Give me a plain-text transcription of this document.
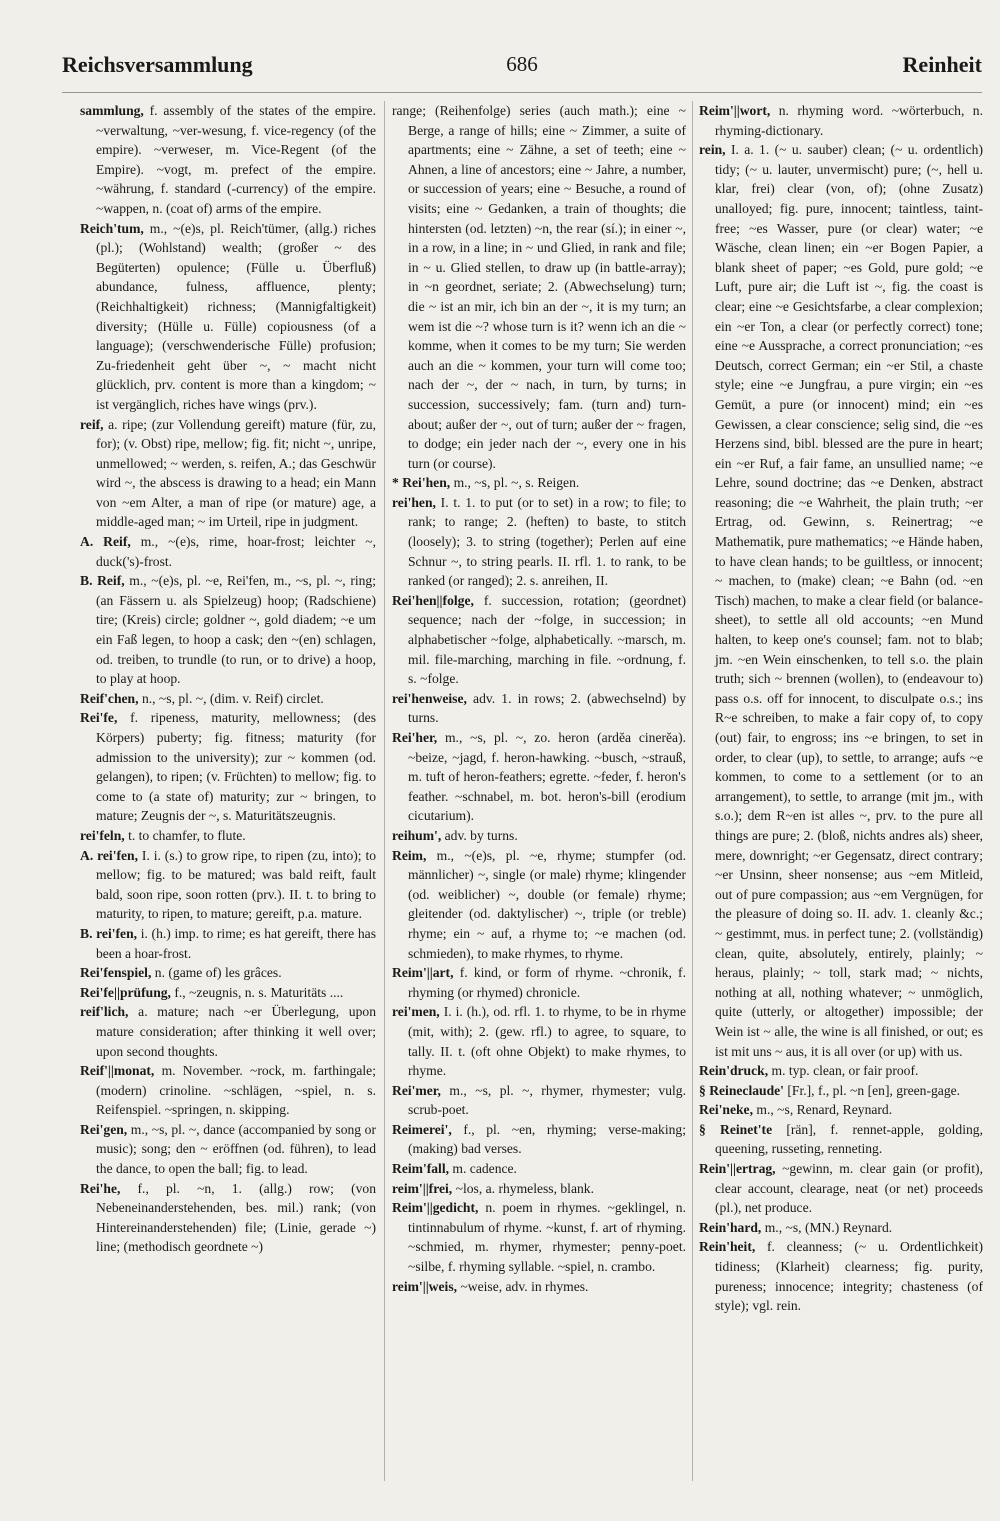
686
Reichsversammlung	Reinheit

sammlung, f. assembly of the states of the empire. ~verwaltung, ~ver-wesung, f. vice-regency (of the empire). ~verweser, m. Vice-Regent (of the Empire). ~vogt, m. prefect of the empire. ~währung, f. standard (-currency) of the empire. ~wappen, n. (coat of) arms of the empire.

Reich'tum, m., ~(e)s, pl. Reich'tümer, (allg.) riches (pl.); (Wohlstand) wealth; (großer ~ des Begüterten) opulence; (Fülle u. Überfluß) abundance, fulness, affluence, plenty; (Reichhaltigkeit) richness; (Mannigfaltigkeit) diversity; (Hülle u. Fülle) copiousness (of a language); (verschwenderische Fülle) profusion; Zu-friedenheit geht über ~, ~ macht nicht glücklich, prv. content is more than a kingdom; ~ ist vergänglich, riches have wings (prv.).

reif, a. ripe; (zur Vollendung gereift) mature (für, zu, for); (v. Obst) ripe, mellow; fig. fit; nicht ~, unripe, unmellowed; ~ werden, s. reifen, A.; das Geschwür wird ~, the abscess is drawing to a head; ein Mann von ~em Alter, a man of ripe (or mature) age, a middle-aged man; ~ im Urteil, ripe in judgment.

A. Reif, m., ~(e)s, rime, hoar-frost; leichter ~, duck('s)-frost.

B. Reif, m., ~(e)s, pl. ~e, Rei'fen, m., ~s, pl. ~, ring; (an Fässern u. als Spielzeug) hoop; (Radschiene) tire; (Kreis) circle; goldner ~, gold diadem; ~e um ein Faß legen, to hoop a cask; den ~(en) schlagen, od. treiben, to trundle (to run, or to drive) a hoop, to play at hoop.

Reif'chen, n., ~s, pl. ~, (dim. v. Reif) circlet.

Rei'fe, f. ripeness, maturity, mellowness; (des Körpers) puberty; fig. fitness; maturity (for admission to the university); zur ~ kommen (od. gelangen), to ripen; (v. Früchten) to mellow; fig. to come to (a state of) maturity; zur ~ bringen, to mature; Zeugnis der ~, s. Maturitätszeugnis.

rei'feln, t. to chamfer, to flute.

A. rei'fen, I. i. (s.) to grow ripe, to ripen (zu, into); to mellow; fig. to be matured; was bald reift, fault bald, soon ripe, soon rotten (prv.). II. t. to bring to maturity, to ripen, to mature; gereift, p.a. mature.

B. rei'fen, i. (h.) imp. to rime; es hat gereift, there has been a hoar-frost.

Rei'fenspiel, n. (game of) les grâces.

Rei'fe||prüfung, f., ~zeugnis, n. s. Maturitäts ....

reif'lich, a. mature; nach ~er Überlegung, upon mature consideration; after thinking it well over; upon second thoughts.

Reif'||monat, m. November. ~rock, m. farthingale; (modern) crinoline. ~schlägen, ~spiel, n. s. Reifenspiel. ~springen, n. skipping.

Rei'gen, m., ~s, pl. ~, dance (accompanied by song or music); song; den ~ eröffnen (od. führen), to lead the dance, to open the ball; fig. to lead.

Rei'he, f., pl. ~n, 1. (allg.) row; (von Nebeneinanderstehenden, bes. mil.) rank; (von Hintereinanderstehenden) file; (Linie, gerade ~) line; (methodisch geordnete ~)

range; (Reihenfolge) series (auch math.); eine ~ Berge, a range of hills; eine ~ Zimmer, a suite of apartments; eine ~ Zähne, a set of teeth; eine ~ Ahnen, a line of ancestors; eine ~ Jahre, a number, or succession of years; eine ~ Besuche, a round of visits; eine ~ Gedanken, a train of thoughts; die hintersten (od. letzten) ~n, the rear (sí.); in einer ~, in a row, in a line; in ~ und Glied, in rank and file; in ~ u. Glied stellen, to draw up (in battle-array); in ~n geordnet, seriate; 2. (Abwechselung) turn; die ~ ist an mir, ich bin an der ~, it is my turn; an wem ist die ~? whose turn is it? wenn ich an die ~ komme, when it comes to be my turn; Sie werden auch an die ~ kommen, your turn will come too; nach der ~, der ~ nach, in turn, by turns; in succession, successively; fam. (turn and) turn-about; außer der ~, out of turn; außer der ~ fragen, to dodge; ein jeder nach der ~, every one in his turn (or course).

* Rei'hen, m., ~s, pl. ~, s. Reigen.

rei'hen, I. t. 1. to put (or to set) in a row; to file; to rank; to range; 2. (heften) to baste, to stitch (loosely); 3. to string (together); Perlen auf eine Schnur ~, to string pearls. II. rfl. 1. to rank, to be ranked (or ranged); 2. s. anreihen, II.

Rei'hen||folge, f. succession, rotation; (geordnet) sequence; nach der ~folge, in succession; in alphabetischer ~folge, alphabetically. ~marsch, m. mil. file-marching, marching in file. ~ordnung, f. s. ~folge.

rei'henweise, adv. 1. in rows; 2. (abwechselnd) by turns.

Rei'her, m., ~s, pl. ~, zo. heron (ardĕa cinerĕa). ~beize, ~jagd, f. heron-hawking. ~busch, ~strauß, m. tuft of heron-feathers; egrette. ~feder, f. heron's feather. ~schnabel, m. bot. heron's-bill (erodium cicutarium).

reihum', adv. by turns.

Reim, m., ~(e)s, pl. ~e, rhyme; stumpfer (od. männlicher) ~, single (or male) rhyme; klingender (od. weiblicher) ~, double (or female) rhyme; gleitender (od. daktylischer) ~, triple (or treble) rhyme; ein ~ auf, a rhyme to; ~e machen (od. schmieden), to make rhymes, to rhyme.

Reim'||art, f. kind, or form of rhyme. ~chronik, f. rhyming (or rhymed) chronicle.

rei'men, I. i. (h.), od. rfl. 1. to rhyme, to be in rhyme (mit, with); 2. (gew. rfl.) to agree, to square, to tally. II. t. (oft ohne Objekt) to make rhymes, to rhyme.

Rei'mer, m., ~s, pl. ~, rhymer, rhymester; vulg. scrub-poet.

Reimerei', f., pl. ~en, rhyming; verse-making; (making) bad verses.

Reim'fall, m. cadence.

reim'||frei, ~los, a. rhymeless, blank.

Reim'||gedicht, n. poem in rhymes. ~geklingel, n. tintinnabulum of rhyme. ~kunst, f. art of rhyming. ~schmied, m. rhymer, rhymester; penny-poet. ~silbe, f. rhyming syllable. ~spiel, n. crambo.

reim'||weis, ~weise, adv. in rhymes.

Reim'||wort, n. rhyming word. ~wörterbuch, n. rhyming-dictionary.

rein, I. a. 1. (~ u. sauber) clean; (~ u. ordentlich) tidy; (~ u. lauter, unvermischt) pure; (~, hell u. klar, frei) clear (von, of); (ohne Zusatz) unalloyed; fig. pure, innocent; taintless, taint-free; ~es Wasser, pure (or clear) water; ~e Wäsche, clean linen; ein ~er Bogen Papier, a blank sheet of paper; ~es Gold, pure gold; ~e Luft, pure air; die Luft ist ~, fig. the coast is clear; eine ~e Gesichtsfarbe, a clear complexion; ein ~er Ton, a clear (or perfectly correct) tone; eine ~e Aussprache, a correct pronunciation; ~es Deutsch, correct German; ein ~er Stil, a chaste style; eine ~e Jungfrau, a pure virgin; ein ~es Gemüt, a pure (or innocent) mind; ein ~es Gewissen, a clear conscience; selig sind, die ~es Herzens sind, bibl. blessed are the pure in heart; ein ~er Ruf, a fair fame, an unsullied name; ~e Lehre, sound doctrine; das ~e Denken, abstract reasoning; die ~e Wahrheit, the plain truth; ~er Ertrag, od. Gewinn, s. Reinertrag; ~e Mathematik, pure mathematics; ~e Hände haben, to have clean hands; to be guiltless, or innocent; ~ machen, to (make) clean; ~e Bahn (od. ~en Tisch) machen, to make a clear field (or balance-sheet), to settle all old accounts; ~en Mund halten, to keep one's counsel; fam. not to blab; jm. ~en Wein einschenken, to tell s.o. the plain truth; sich ~ brennen (wollen), to (endeavour to) pass o.s. off for innocent, to disculpate o.s.; ins R~e schreiben, to make a fair copy of, to copy (out) fair, to engross; ins ~e bringen, to set in order, to clear (up), to settle, to arrange; aufs ~e kommen, to come to a settlement (or to an arrangement), to settle, to arrange (mit jm., with s.o.); dem R~en ist alles ~, prv. to the pure all things are pure; 2. (bloß, nichts andres als) sheer, mere, downright; ~er Gegensatz, direct contrary; ~er Unsinn, sheer nonsense; aus ~em Mitleid, out of pure compassion; aus ~em Vergnügen, for the pleasure of doing so. II. adv. 1. cleanly &c.; ~ gestimmt, mus. in perfect tune; 2. (vollständig) clean, quite, absolutely, entirely, plainly; ~ heraus, plainly; ~ toll, stark mad; ~ nichts, nothing at all, nothing whatever; ~ unmöglich, quite (utterly, or altogether) impossible; der Wein ist ~ alle, the wine is all finished, or out; es ist mit uns ~ aus, it is all over (or up) with us.

Rein'druck, m. typ. clean, or fair proof.

§ Reineclaude' [Fr.], f., pl. ~n [en], green-gage.

Rei'neke, m., ~s, Renard, Reynard.

§ Reinet'te [rän], f. rennet-apple, golding, queening, russeting, renneting.

Rein'||ertrag, ~gewinn, m. clear gain (or profit), clear account, clearage, neat (or net) proceeds (pl.), net produce.

Rein'hard, m., ~s, (MN.) Reynard.

Rein'heit, f. cleanness; (~ u. Ordentlichkeit) tidiness; (Klarheit) clearness; fig. purity, pureness; innocence; integrity; chasteness (of style); vgl. rein.
